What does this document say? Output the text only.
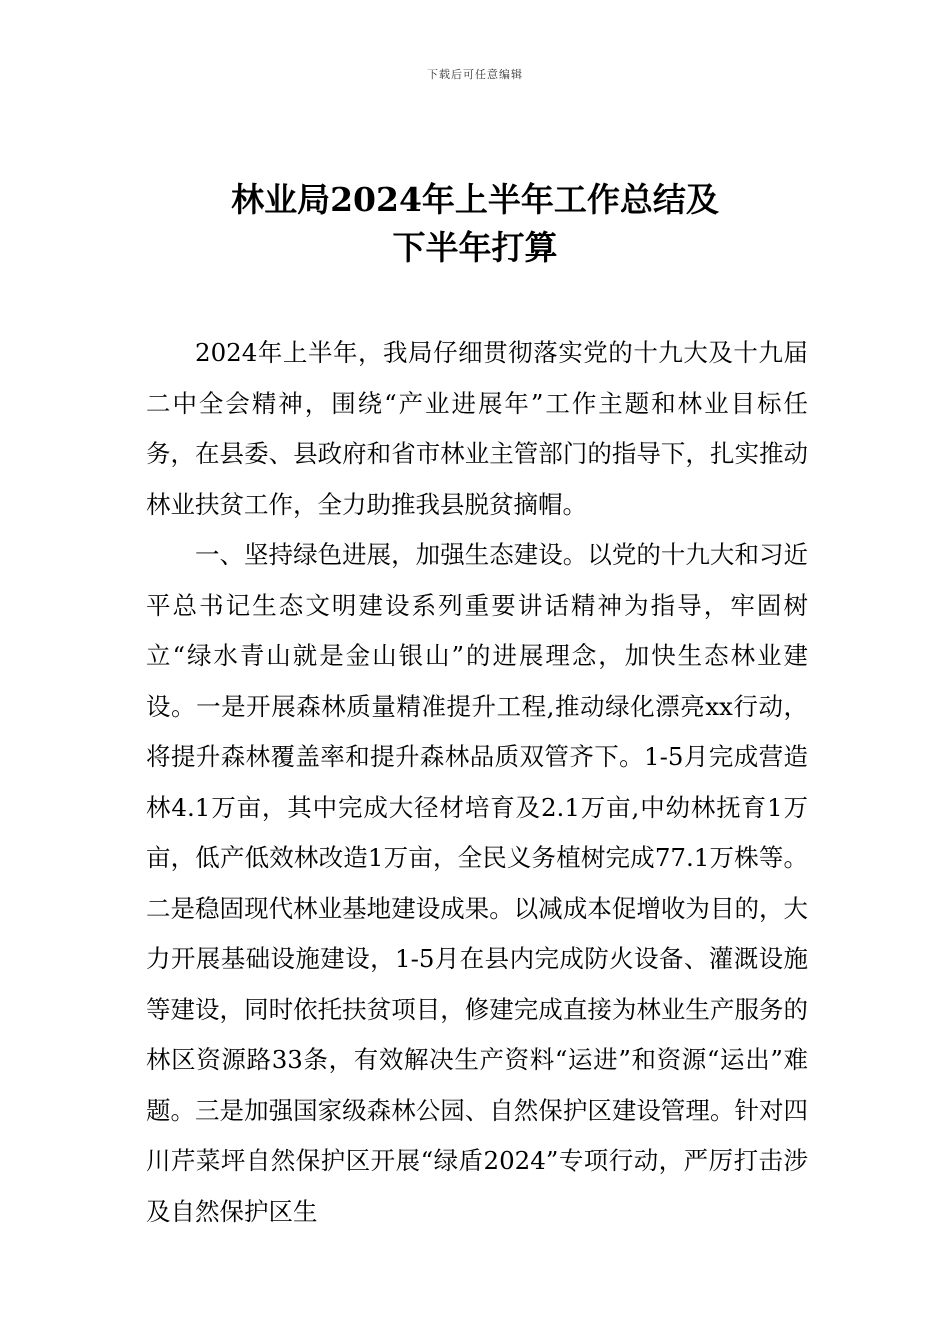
下载后可任意编辑
林业局2024年上半年工作总结及
下半年打算

2024年上半年，我局仔细贯彻落实党的十九大及十九届二中全会精神，围绕“产业进展年”工作主题和林业目标任务，在县委、县政府和省市林业主管部门的指导下，扎实推动林业扶贫工作，全力助推我县脱贫摘帽。

一、坚持绿色进展，加强生态建设。以党的十九大和习近平总书记生态文明建设系列重要讲话精神为指导，牢固树立“绿水青山就是金山银山”的进展理念，加快生态林业建设。一是开展森林质量精准提升工程,推动绿化漂亮xx行动，将提升森林覆盖率和提升森林品质双管齐下。1-5月完成营造林4.1万亩，其中完成大径材培育及2.1万亩,中幼林抚育1万亩，低产低效林改造1万亩，全民义务植树完成77.1万株等。二是稳固现代林业基地建设成果。以减成本促增收为目的，大力开展基础设施建设，1-5月在县内完成防火设备、灌溉设施等建设，同时依托扶贫项目，修建完成直接为林业生产服务的林区资源路33条，有效解决生产资料“运进”和资源“运出”难题。三是加强国家级森林公园、自然保护区建设管理。针对四川芹菜坪自然保护区开展“绿盾2024”专项行动，严厉打击涉及自然保护区生
